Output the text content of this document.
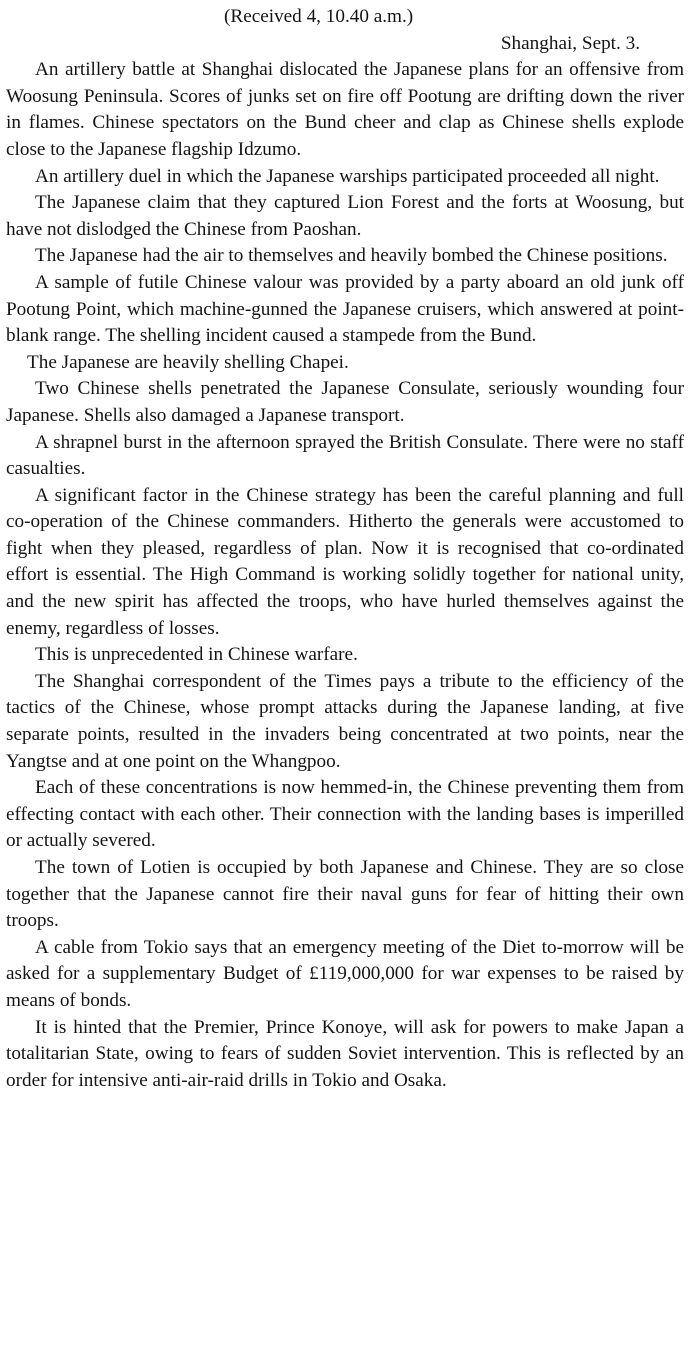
(Received 4, 10.40 a.m.)

Shanghai, Sept. 3.

An artillery battle at Shanghai dislocated the Japanese plans for an offensive from Woosung Peninsula. Scores of junks set on fire off Pootung are drifting down the river in flames. Chinese spectators on the Bund cheer and clap as Chinese shells explode close to the Japanese flagship Idzumo.

An artillery duel in which the Japanese warships participated proceeded all night.

The Japanese claim that they captured Lion Forest and the forts at Woosung, but have not dislodged the Chinese from Paoshan.

The Japanese had the air to themselves and heavily bombed the Chinese positions.

A sample of futile Chinese valour was provided by a party aboard an old junk off Pootung Point, which machine-gunned the Japanese cruisers, which answered at point-blank range. The shelling incident caused a stampede from the Bund.

The Japanese are heavily shelling Chapei.

Two Chinese shells penetrated the Japanese Consulate, seriously wounding four Japanese. Shells also damaged a Japanese transport.

A shrapnel burst in the afternoon sprayed the British Consulate. There were no staff casualties.

A significant factor in the Chinese strategy has been the careful planning and full co-operation of the Chinese commanders. Hitherto the generals were accustomed to fight when they pleased, regardless of plan. Now it is recognised that co-ordinated effort is essential. The High Command is working solidly together for national unity, and the new spirit has affected the troops, who have hurled themselves against the enemy, regardless of losses.

This is unprecedented in Chinese warfare.

The Shanghai correspondent of the Times pays a tribute to the efficiency of the tactics of the Chinese, whose prompt attacks during the Japanese landing, at five separate points, resulted in the invaders being concentrated at two points, near the Yangtse and at one point on the Whangpoo.

Each of these concentrations is now hemmed-in, the Chinese preventing them from effecting contact with each other. Their connection with the landing bases is imperilled or actually severed.

The town of Lotien is occupied by both Japanese and Chinese. They are so close together that the Japanese cannot fire their naval guns for fear of hitting their own troops.

A cable from Tokio says that an emergency meeting of the Diet to-morrow will be asked for a supplementary Budget of £119,000,000 for war expenses to be raised by means of bonds.

It is hinted that the Premier, Prince Konoye, will ask for powers to make Japan a totalitarian State, owing to fears of sudden Soviet intervention. This is reflected by an order for intensive anti-air-raid drills in Tokio and Osaka.
